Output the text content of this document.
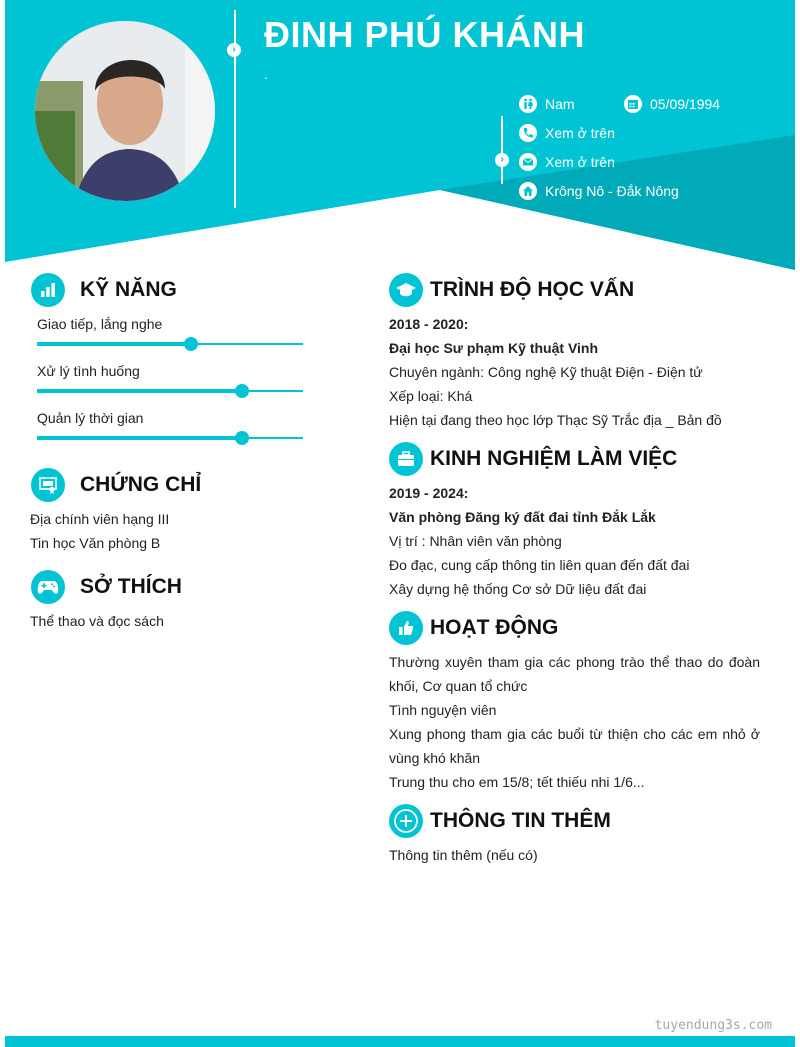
› ĐINH PHÚ KHÁNH
.
›
Nam	05/09/1994
Xem ở trên
Xem ở trên
Krông Nô - Đắk Nông
KỸ NĂNG
Giao tiếp, lắng nghe
Xử lý tình huống
Quản lý thời gian
CHỨNG CHỈ
Địa chính viên hạng III
Tin học Văn phòng B
SỞ THÍCH
Thể thao và đọc sách
TRÌNH ĐỘ HỌC VẤN
2018 - 2020:
Đại học Sư phạm Kỹ thuật Vinh
Chuyên ngành: Công nghệ Kỹ thuật Điện - Điện tử
Xếp loại: Khá
Hiện tại đang theo học lớp Thạc Sỹ Trắc địa _ Bản đồ
KINH NGHIỆM LÀM VIỆC
2019 - 2024:
Văn phòng Đăng ký đất đai tỉnh Đắk Lắk
Vị trí : Nhân viên văn phòng
Đo đạc, cung cấp thông tin liên quan đến đất đai
Xây dựng hệ thống Cơ sở Dữ liệu đất đai
HOẠT ĐỘNG
Thường xuyên tham gia các phong trào thể thao do đoàn khối, Cơ quan tổ chức
Tình nguyện viên
Xung phong tham gia các buổi từ thiện cho các em nhỏ ở vùng khó khăn
Trung thu cho em 15/8; tết thiếu nhi 1/6...
THÔNG TIN THÊM
Thông tin thêm (nếu có)
tuyendung3s.com
